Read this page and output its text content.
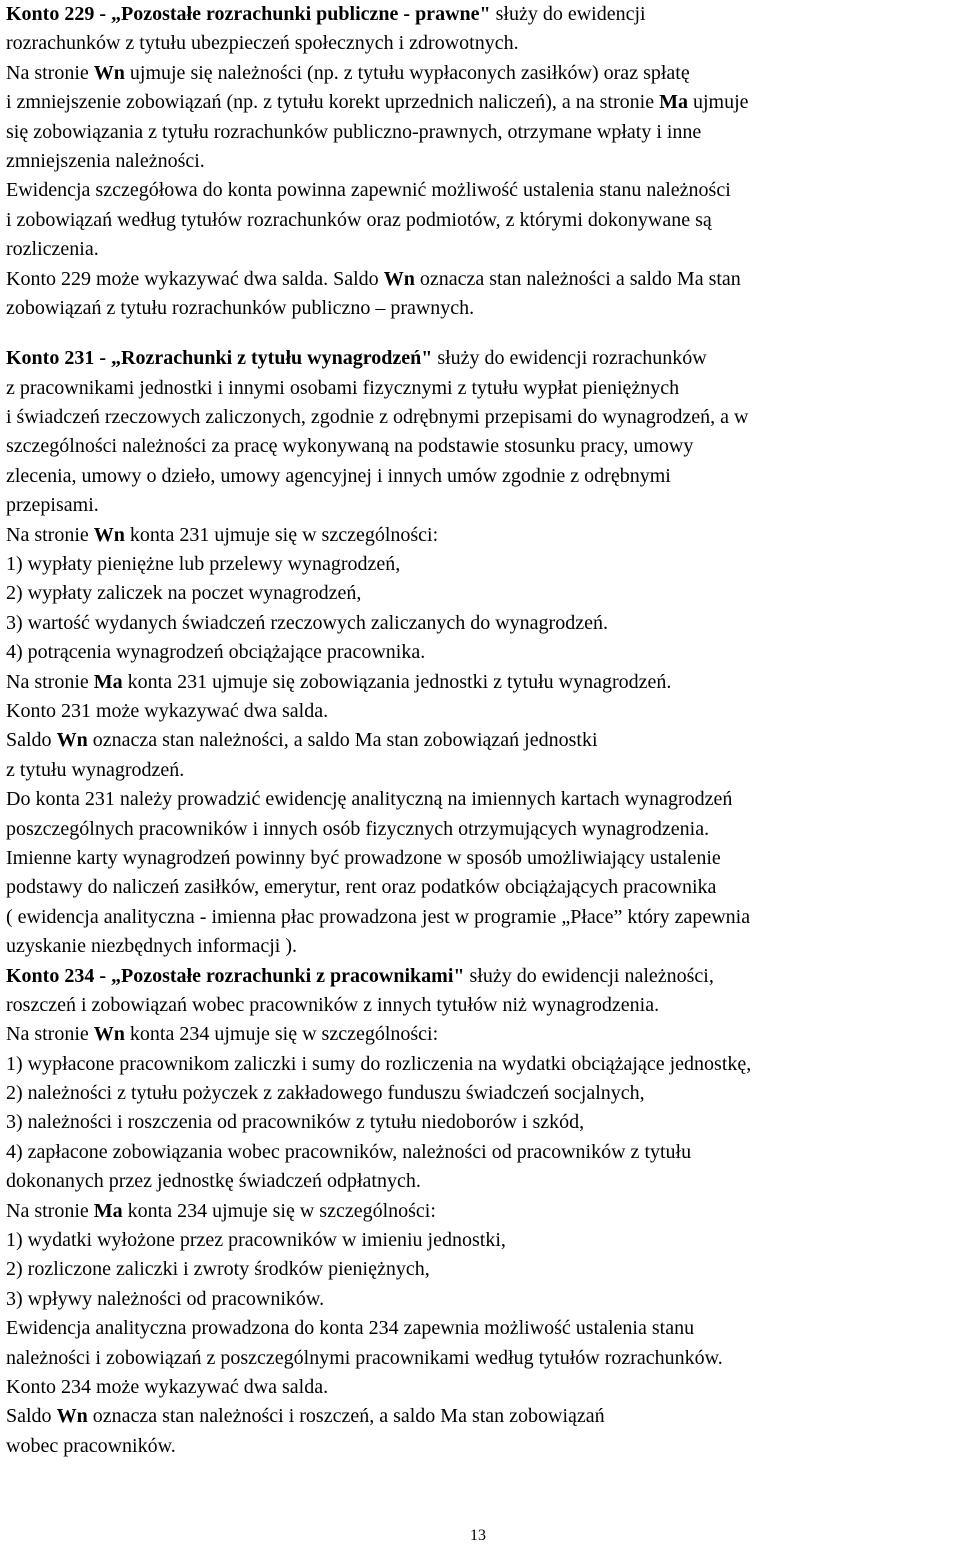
Konto 229 - „Pozostałe rozrachunki publiczne - prawne" służy do ewidencji
rozrachunków z tytułu ubezpieczeń społecznych i zdrowotnych.
Na stronie Wn ujmuje się należności (np. z tytułu wypłaconych zasiłków) oraz spłatę
i zmniejszenie zobowiązań (np. z tytułu korekt uprzednich naliczeń), a na stronie Ma ujmuje
się zobowiązania z tytułu rozrachunków publiczno-prawnych, otrzymane wpłaty i inne
zmniejszenia należności.
Ewidencja szczegółowa do konta powinna zapewnić możliwość ustalenia stanu należności
i zobowiązań według tytułów rozrachunków oraz podmiotów, z którymi dokonywane są
rozliczenia.
Konto 229 może wykazywać dwa salda. Saldo Wn oznacza stan należności a saldo Ma stan
zobowiązań z tytułu rozrachunków publiczno – prawnych.
Konto 231 - „Rozrachunki z tytułu wynagrodzeń" służy do ewidencji rozrachunków
z pracownikami jednostki i innymi osobami fizycznymi z tytułu wypłat pieniężnych
i świadczeń rzeczowych zaliczonych, zgodnie z odrębnymi przepisami do wynagrodzeń, a w
szczególności należności za pracę wykonywaną na podstawie stosunku pracy, umowy
zlecenia, umowy o dzieło, umowy agencyjnej i innych umów zgodnie z odrębnymi
przepisami.
Na stronie Wn konta 231 ujmuje się w szczególności:
1) wypłaty pieniężne lub przelewy wynagrodzeń,
2) wypłaty zaliczek na poczet wynagrodzeń,
3) wartość wydanych świadczeń rzeczowych zaliczanych do wynagrodzeń.
4) potrącenia wynagrodzeń obciążające pracownika.
Na stronie Ma konta 231 ujmuje się zobowiązania jednostki z tytułu wynagrodzeń.
Konto 231 może wykazywać dwa salda.
Saldo Wn oznacza stan należności, a saldo Ma stan zobowiązań jednostki
z tytułu wynagrodzeń.
Do konta 231 należy prowadzić ewidencję analityczną na imiennych kartach wynagrodzeń
poszczególnych pracowników i innych osób fizycznych otrzymujących wynagrodzenia.
Imienne karty wynagrodzeń powinny być prowadzone w sposób umożliwiający ustalenie
podstawy do naliczeń zasiłków, emerytur, rent oraz podatków obciążających pracownika
( ewidencja analityczna - imienna płac prowadzona jest w programie „Płace” który zapewnia
uzyskanie niezbędnych informacji ).
Konto 234 - „Pozostałe rozrachunki z pracownikami" służy do ewidencji należności,
roszczeń i zobowiązań wobec pracowników z innych tytułów niż wynagrodzenia.
Na stronie Wn konta 234 ujmuje się w szczególności:
1) wypłacone pracownikom zaliczki i sumy do rozliczenia na wydatki obciążające jednostkę,
2) należności z tytułu pożyczek z zakładowego funduszu świadczeń socjalnych,
3) należności i roszczenia od pracowników z tytułu niedoborów i szkód,
4) zapłacone zobowiązania wobec pracowników, należności od pracowników z tytułu
dokonanych przez jednostkę świadczeń odpłatnych.
Na stronie Ma konta 234 ujmuje się w szczególności:
1) wydatki wyłożone przez pracowników w imieniu jednostki,
2) rozliczone zaliczki i zwroty środków pieniężnych,
3) wpływy należności od pracowników.
Ewidencja analityczna prowadzona do konta 234 zapewnia możliwość ustalenia stanu
należności i zobowiązań z poszczególnymi pracownikami według tytułów rozrachunków.
Konto 234 może wykazywać dwa salda.
Saldo Wn oznacza stan należności i roszczeń, a saldo Ma stan zobowiązań
wobec pracowników.
13
